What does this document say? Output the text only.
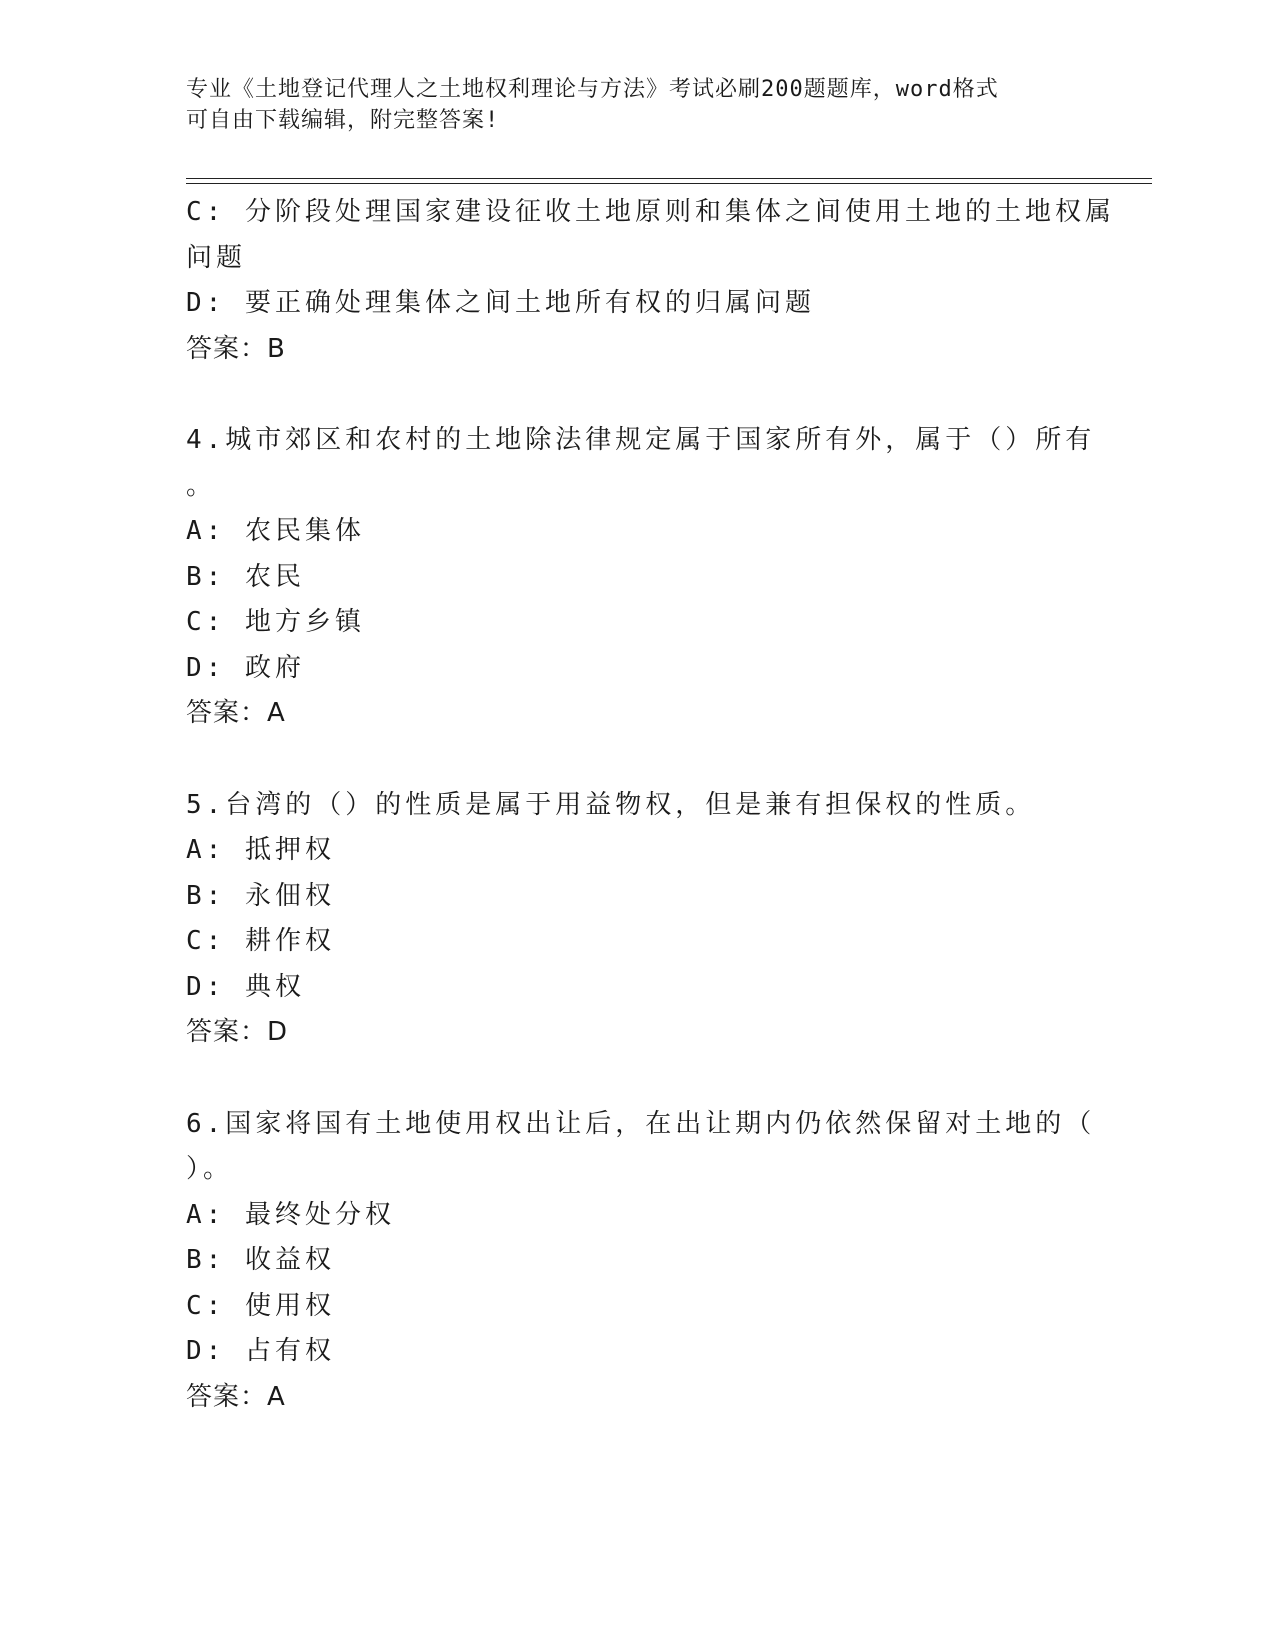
专业《土地登记代理人之土地权利理论与方法》考试必刷200题题库，word格式
可自由下载编辑，附完整答案!
C: 分阶段处理国家建设征收土地原则和集体之间使用土地的土地权属
问题
D: 要正确处理集体之间土地所有权的归属问题
答案：B
4.城市郊区和农村的土地除法律规定属于国家所有外，属于（）所有
。
A: 农民集体
B: 农民
C: 地方乡镇
D: 政府
答案：A
5.台湾的（）的性质是属于用益物权，但是兼有担保权的性质。
A: 抵押权
B: 永佃权
C: 耕作权
D: 典权
答案：D
6.国家将国有土地使用权出让后，在出让期内仍依然保留对土地的（
）。
A: 最终处分权
B: 收益权
C: 使用权
D: 占有权
答案：A
